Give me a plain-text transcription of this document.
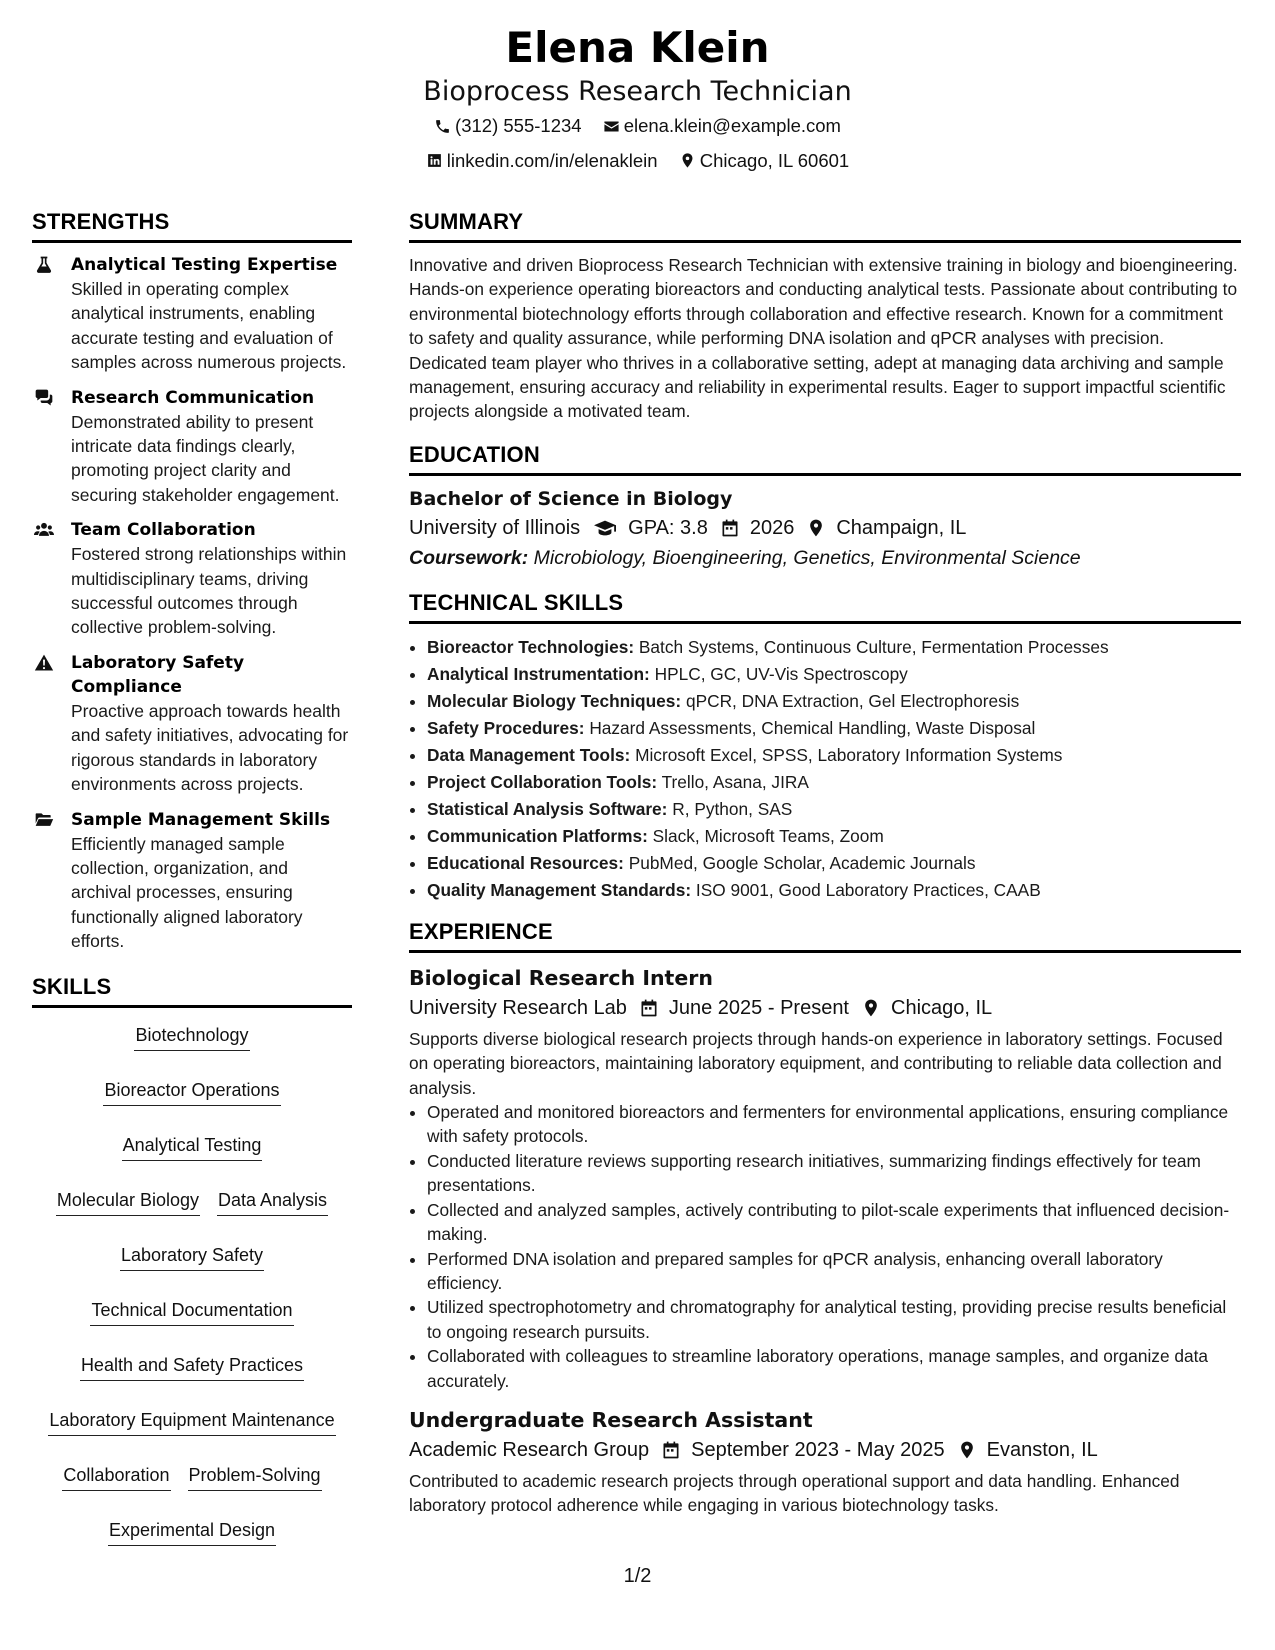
Elena Klein
Bioprocess Research Technician
(312) 555-1234
elena.klein@example.com
linkedin.com/in/elenaklein
Chicago, IL 60601
STRENGTHS
Analytical Testing Expertise
Skilled in operating complex analytical instruments, enabling accurate testing and evaluation of samples across numerous projects.
Research Communication
Demonstrated ability to present intricate data findings clearly, promoting project clarity and securing stakeholder engagement.
Team Collaboration
Fostered strong relationships within multidisciplinary teams, driving successful outcomes through collective problem-solving.
Laboratory Safety Compliance
Proactive approach towards health and safety initiatives, advocating for rigorous standards in laboratory environments across projects.
Sample Management Skills
Efficiently managed sample collection, organization, and archival processes, ensuring functionally aligned laboratory efforts.
SKILLS
Biotechnology
Bioreactor Operations
Analytical Testing
Molecular Biology Data Analysis
Laboratory Safety
Technical Documentation
Health and Safety Practices
Laboratory Equipment Maintenance
Collaboration Problem-Solving
Experimental Design
SUMMARY
Innovative and driven Bioprocess Research Technician with extensive training in biology and bioengineering. Hands-on experience operating bioreactors and conducting analytical tests. Passionate about contributing to environmental biotechnology efforts through collaboration and effective research. Known for a commitment to safety and quality assurance, while performing DNA isolation and qPCR analyses with precision. Dedicated team player who thrives in a collaborative setting, adept at managing data archiving and sample management, ensuring accuracy and reliability in experimental results. Eager to support impactful scientific projects alongside a motivated team.
EDUCATION
Bachelor of Science in Biology
University of Illinois GPA: 3.8 2026 Champaign, IL
Coursework: Microbiology, Bioengineering, Genetics, Environmental Science
TECHNICAL SKILLS
• Bioreactor Technologies: Batch Systems, Continuous Culture, Fermentation Processes
• Analytical Instrumentation: HPLC, GC, UV-Vis Spectroscopy
• Molecular Biology Techniques: qPCR, DNA Extraction, Gel Electrophoresis
• Safety Procedures: Hazard Assessments, Chemical Handling, Waste Disposal
• Data Management Tools: Microsoft Excel, SPSS, Laboratory Information Systems
• Project Collaboration Tools: Trello, Asana, JIRA
• Statistical Analysis Software: R, Python, SAS
• Communication Platforms: Slack, Microsoft Teams, Zoom
• Educational Resources: PubMed, Google Scholar, Academic Journals
• Quality Management Standards: ISO 9001, Good Laboratory Practices, CAAB
EXPERIENCE
Biological Research Intern
University Research Lab June 2025 - Present Chicago, IL
Supports diverse biological research projects through hands-on experience in laboratory settings. Focused on operating bioreactors, maintaining laboratory equipment, and contributing to reliable data collection and analysis.
• Operated and monitored bioreactors and fermenters for environmental applications, ensuring compliance with safety protocols.
• Conducted literature reviews supporting research initiatives, summarizing findings effectively for team presentations.
• Collected and analyzed samples, actively contributing to pilot-scale experiments that influenced decision-making.
• Performed DNA isolation and prepared samples for qPCR analysis, enhancing overall laboratory efficiency.
• Utilized spectrophotometry and chromatography for analytical testing, providing precise results beneficial to ongoing research pursuits.
• Collaborated with colleagues to streamline laboratory operations, manage samples, and organize data accurately.
Undergraduate Research Assistant
Academic Research Group September 2023 - May 2025 Evanston, IL
Contributed to academic research projects through operational support and data handling. Enhanced laboratory protocol adherence while engaging in various biotechnology tasks.
1/2
